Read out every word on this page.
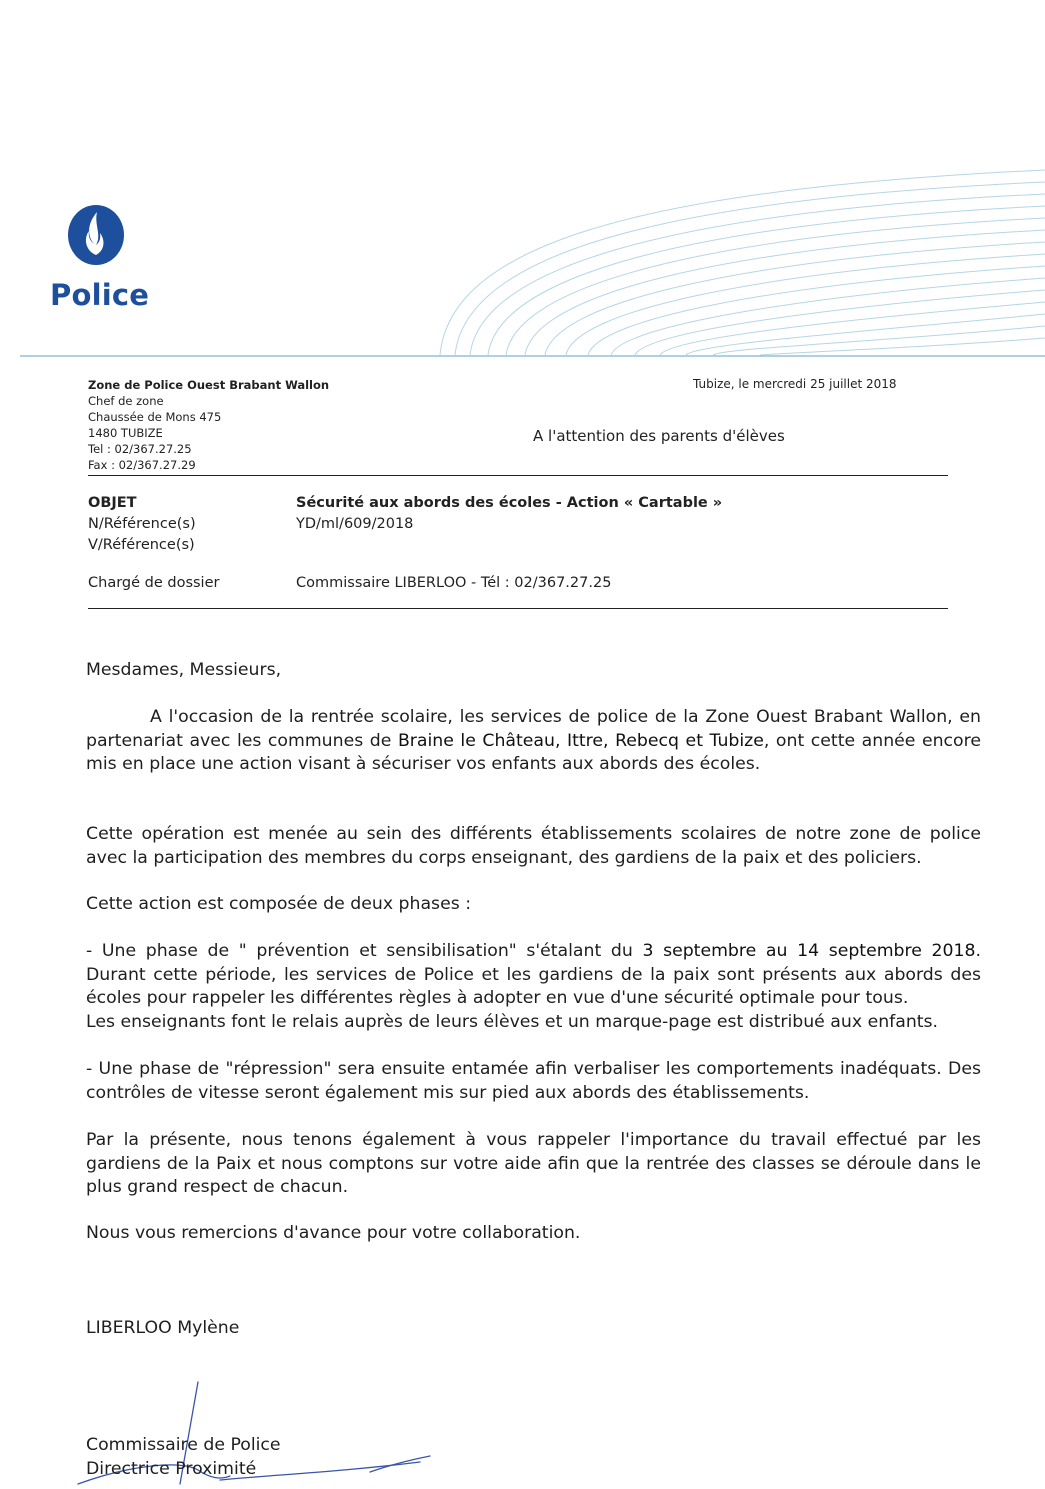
Police
Zone de Police Ouest Brabant Wallon
Chef de zone
Chaussée de Mons 475
1480 TUBIZE
Tel : 02/367.27.25
Fax : 02/367.27.29
Tubize, le mercredi 25 juillet 2018
A l'attention des parents d'élèves
OBJET	Sécurité aux abords des écoles - Action « Cartable »
N/Référence(s)	YD/ml/609/2018
V/Référence(s)
Chargé de dossier	Commissaire LIBERLOO - Tél : 02/367.27.25
Mesdames, Messieurs,
A l'occasion de la rentrée scolaire, les services de police de la Zone Ouest Brabant Wallon, en partenariat avec les communes de Braine le Château, Ittre, Rebecq et Tubize, ont cette année encore mis en place une action visant à sécuriser vos enfants aux abords des écoles.
Cette opération est menée au sein des différents établissements scolaires de notre zone de police avec la participation des membres du corps enseignant, des gardiens de la paix et des policiers.
Cette action est composée de deux phases :
- Une phase de " prévention et sensibilisation" s'étalant du 3 septembre au 14 septembre 2018. Durant cette période, les services de Police et les gardiens de la paix sont présents aux abords des écoles pour rappeler les différentes règles à adopter en vue d'une sécurité optimale pour tous.
Les enseignants font le relais auprès de leurs élèves et un marque-page est distribué aux enfants.
- Une phase de "répression" sera ensuite entamée afin verbaliser les comportements inadéquats. Des contrôles de vitesse seront également mis sur pied aux abords des établissements.
Par la présente, nous tenons également à vous rappeler l'importance du travail effectué par les gardiens de la Paix et nous comptons sur votre aide afin que la rentrée des classes se déroule dans le plus grand respect de chacun.
Nous vous remercions d'avance pour votre collaboration.
LIBERLOO Mylène
Commissaire de Police
Directrice Proximité
